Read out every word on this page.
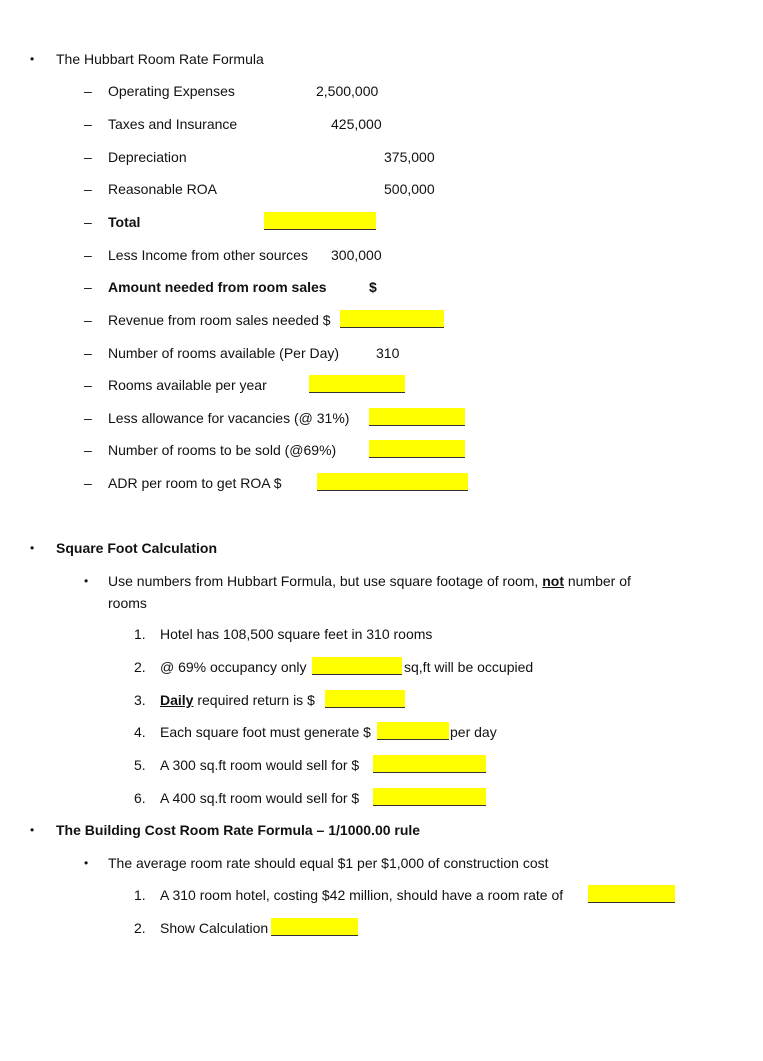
• The Hubbart Room Rate Formula
– Operating Expenses	2,500,000
– Taxes and Insurance	425,000
– Depreciation	375,000
– Reasonable ROA	500,000
– Total
– Less Income from other sources 300,000
– Amount needed from room sales	$
– Revenue from room sales needed $
– Number of rooms available (Per Day)	310
– Rooms available per year
– Less allowance for vacancies (@ 31%)
– Number of rooms to be sold (@69%)
– ADR per room to get ROA $
• Square Foot Calculation
• Use numbers from Hubbart Formula, but use square footage of room, not number of
rooms
1. Hotel has 108,500 square feet in 310 rooms
2. @ 69% occupancy only	sq,ft will be occupied
3. Daily required return is $
4. Each square foot must generate $	per day
5. A 300 sq.ft room would sell for $
6. A 400 sq.ft room would sell for $
• The Building Cost Room Rate Formula – 1/1000.00 rule
• The average room rate should equal $1 per $1,000 of construction cost
1. A 310 room hotel, costing $42 million, should have a room rate of
2. Show Calculation
